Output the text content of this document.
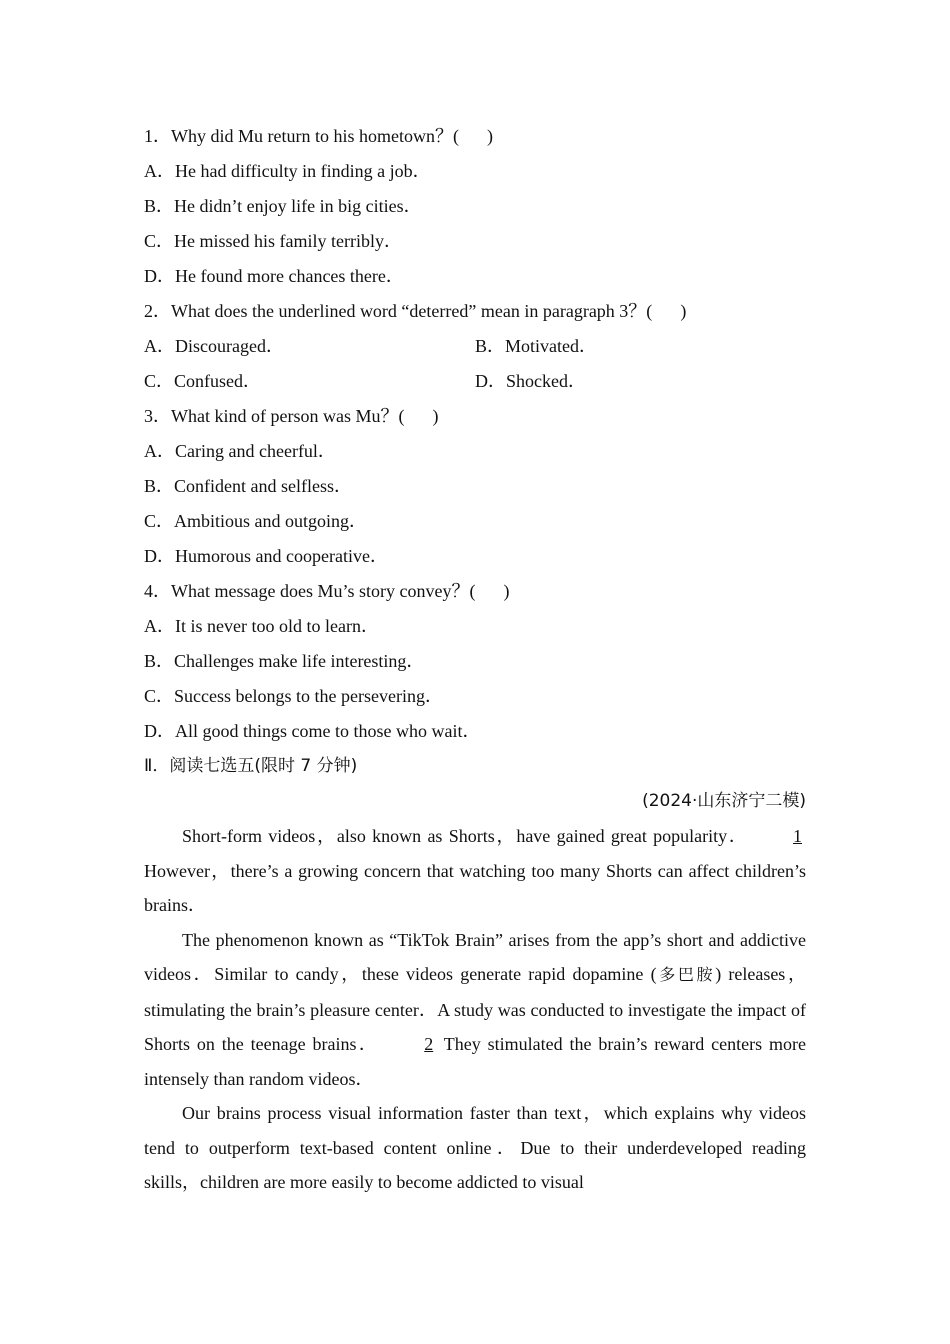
1．Why did Mu return to his hometown？( )
A．He had difficulty in finding a job．
B．He didn’t enjoy life in big cities．
C．He missed his family terribly．
D．He found more chances there．
2．What does the underlined word “deterred” mean in paragraph 3？( )
A．Discouraged．	B．Motivated．
C．Confused．	D．Shocked．
3．What kind of person was Mu？( )
A．Caring and cheerful．
B．Confident and selfless．
C．Ambitious and outgoing．
D．Humorous and cooperative．
4．What message does Mu’s story convey？( )
A．It is never too old to learn．
B．Challenges make life interesting．
C．Success belongs to the persevering．
D．All good things come to those who wait．
Ⅱ．阅读七选五(限时 7 分钟)
(2024·山东济宁二模)

Short-form videos，also known as Shorts，have gained great popularity． 1 However，there’s a growing concern that watching too many Shorts can affect children’s brains．

The phenomenon known as “TikTok Brain” arises from the app’s short and addictive videos．Similar to candy，these videos generate rapid dopamine (多巴胺) releases，stimulating the brain’s pleasure center．A study was conducted to investigate the impact of Shorts on the teenage brains． 2 They stimulated the brain’s reward centers more intensely than random videos．

Our brains process visual information faster than text，which explains why videos tend to outperform text-based content online．Due to their underdeveloped reading skills，children are more easily to become addicted to visual
